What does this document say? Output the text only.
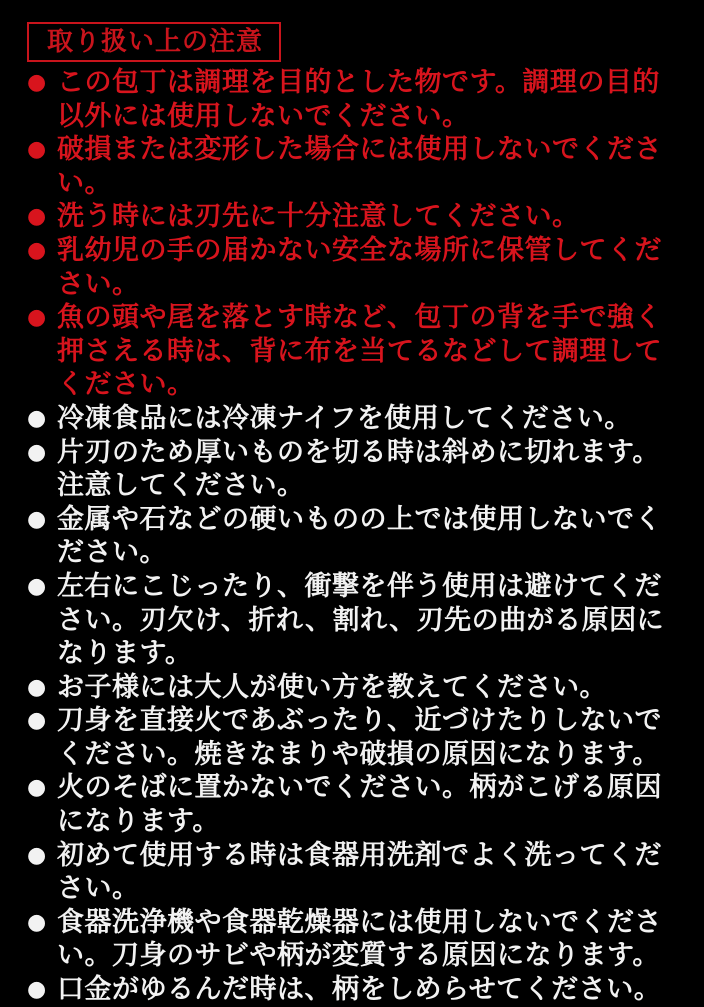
取り扱い上の注意
● この包丁は調理を目的とした物です。調理の目的
以外には使用しないでください。
● 破損または変形した場合には使用しないでください。
● 洗う時には刃先に十分注意してください。
● 乳幼児の手の届かない安全な場所に保管してくだ
さい。
● 魚の頭や尾を落とす時など、包丁の背を手で強く
押さえる時は、背に布を当てるなどして調理して
ください。
● 冷凍食品には冷凍ナイフを使用してください。
● 片刃のため厚いものを切る時は斜めに切れます。
注意してください。
● 金属や石などの硬いものの上では使用しないでく
ださい。
● 左右にこじったり、衝撃を伴う使用は避けてくだ
さい。刃欠け、折れ、割れ、刃先の曲がる原因に
なります。
● お子様には大人が使い方を教えてください。
● 刀身を直接火であぶったり、近づけたりしないで
ください。焼きなまりや破損の原因になります。
● 火のそばに置かないでください。柄がこげる原因
になります。
● 初めて使用する時は食器用洗剤でよく洗ってくだ
さい。
● 食器洗浄機や食器乾燥器には使用しないでくださ
い。刀身のサビや柄が変質する原因になります。
● 口金がゆるんだ時は、柄をしめらせてください。
